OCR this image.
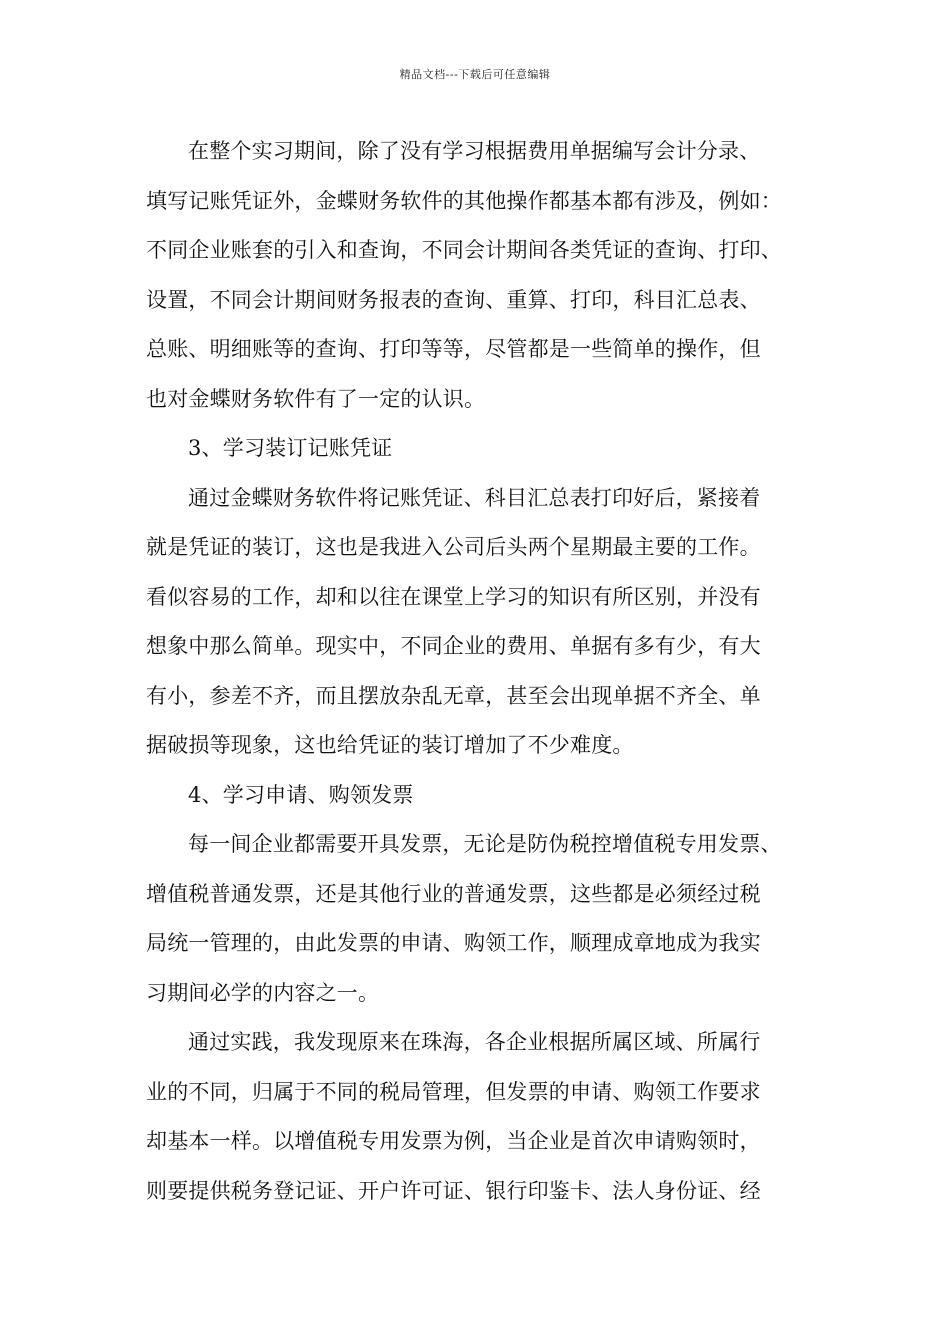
精品文档---下载后可任意编辑
在整个实习期间，除了没有学习根据费用单据编写会计分录、
填写记账凭证外，金蝶财务软件的其他操作都基本都有涉及，例如：
不同企业账套的引入和查询，不同会计期间各类凭证的查询、打印、
设置，不同会计期间财务报表的查询、重算、打印，科目汇总表、
总账、明细账等的查询、打印等等，尽管都是一些简单的操作，但
也对金蝶财务软件有了一定的认识。
3、学习装订记账凭证
通过金蝶财务软件将记账凭证、科目汇总表打印好后，紧接着
就是凭证的装订，这也是我进入公司后头两个星期最主要的工作。
看似容易的工作，却和以往在课堂上学习的知识有所区别，并没有
想象中那么简单。现实中，不同企业的费用、单据有多有少，有大
有小，参差不齐，而且摆放杂乱无章，甚至会出现单据不齐全、单
据破损等现象，这也给凭证的装订增加了不少难度。
4、学习申请、购领发票
每一间企业都需要开具发票，无论是防伪税控增值税专用发票、
增值税普通发票，还是其他行业的普通发票，这些都是必须经过税
局统一管理的，由此发票的申请、购领工作，顺理成章地成为我实
习期间必学的内容之一。
通过实践，我发现原来在珠海，各企业根据所属区域、所属行
业的不同，归属于不同的税局管理，但发票的申请、购领工作要求
却基本一样。以增值税专用发票为例，当企业是首次申请购领时，
则要提供税务登记证、开户许可证、银行印鉴卡、法人身份证、经
